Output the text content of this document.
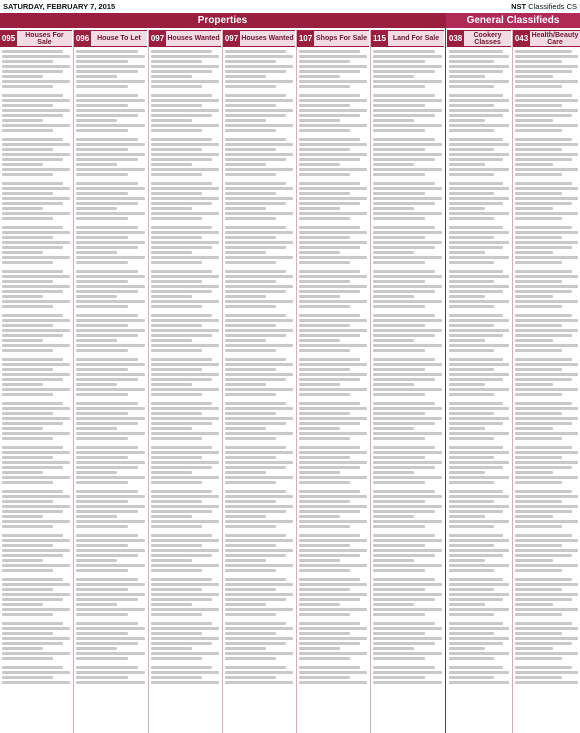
SATURDAY, FEBRUARY 7, 2015	NST Classifieds CS
Properties	General Classifieds
095	Houses For Sale	096	House To Let	097 Houses Wanted 097 Houses Wanted 107 Shops For Sale 115 Land For Sale	038	Cookery Classes	043 Health/Beauty Care
